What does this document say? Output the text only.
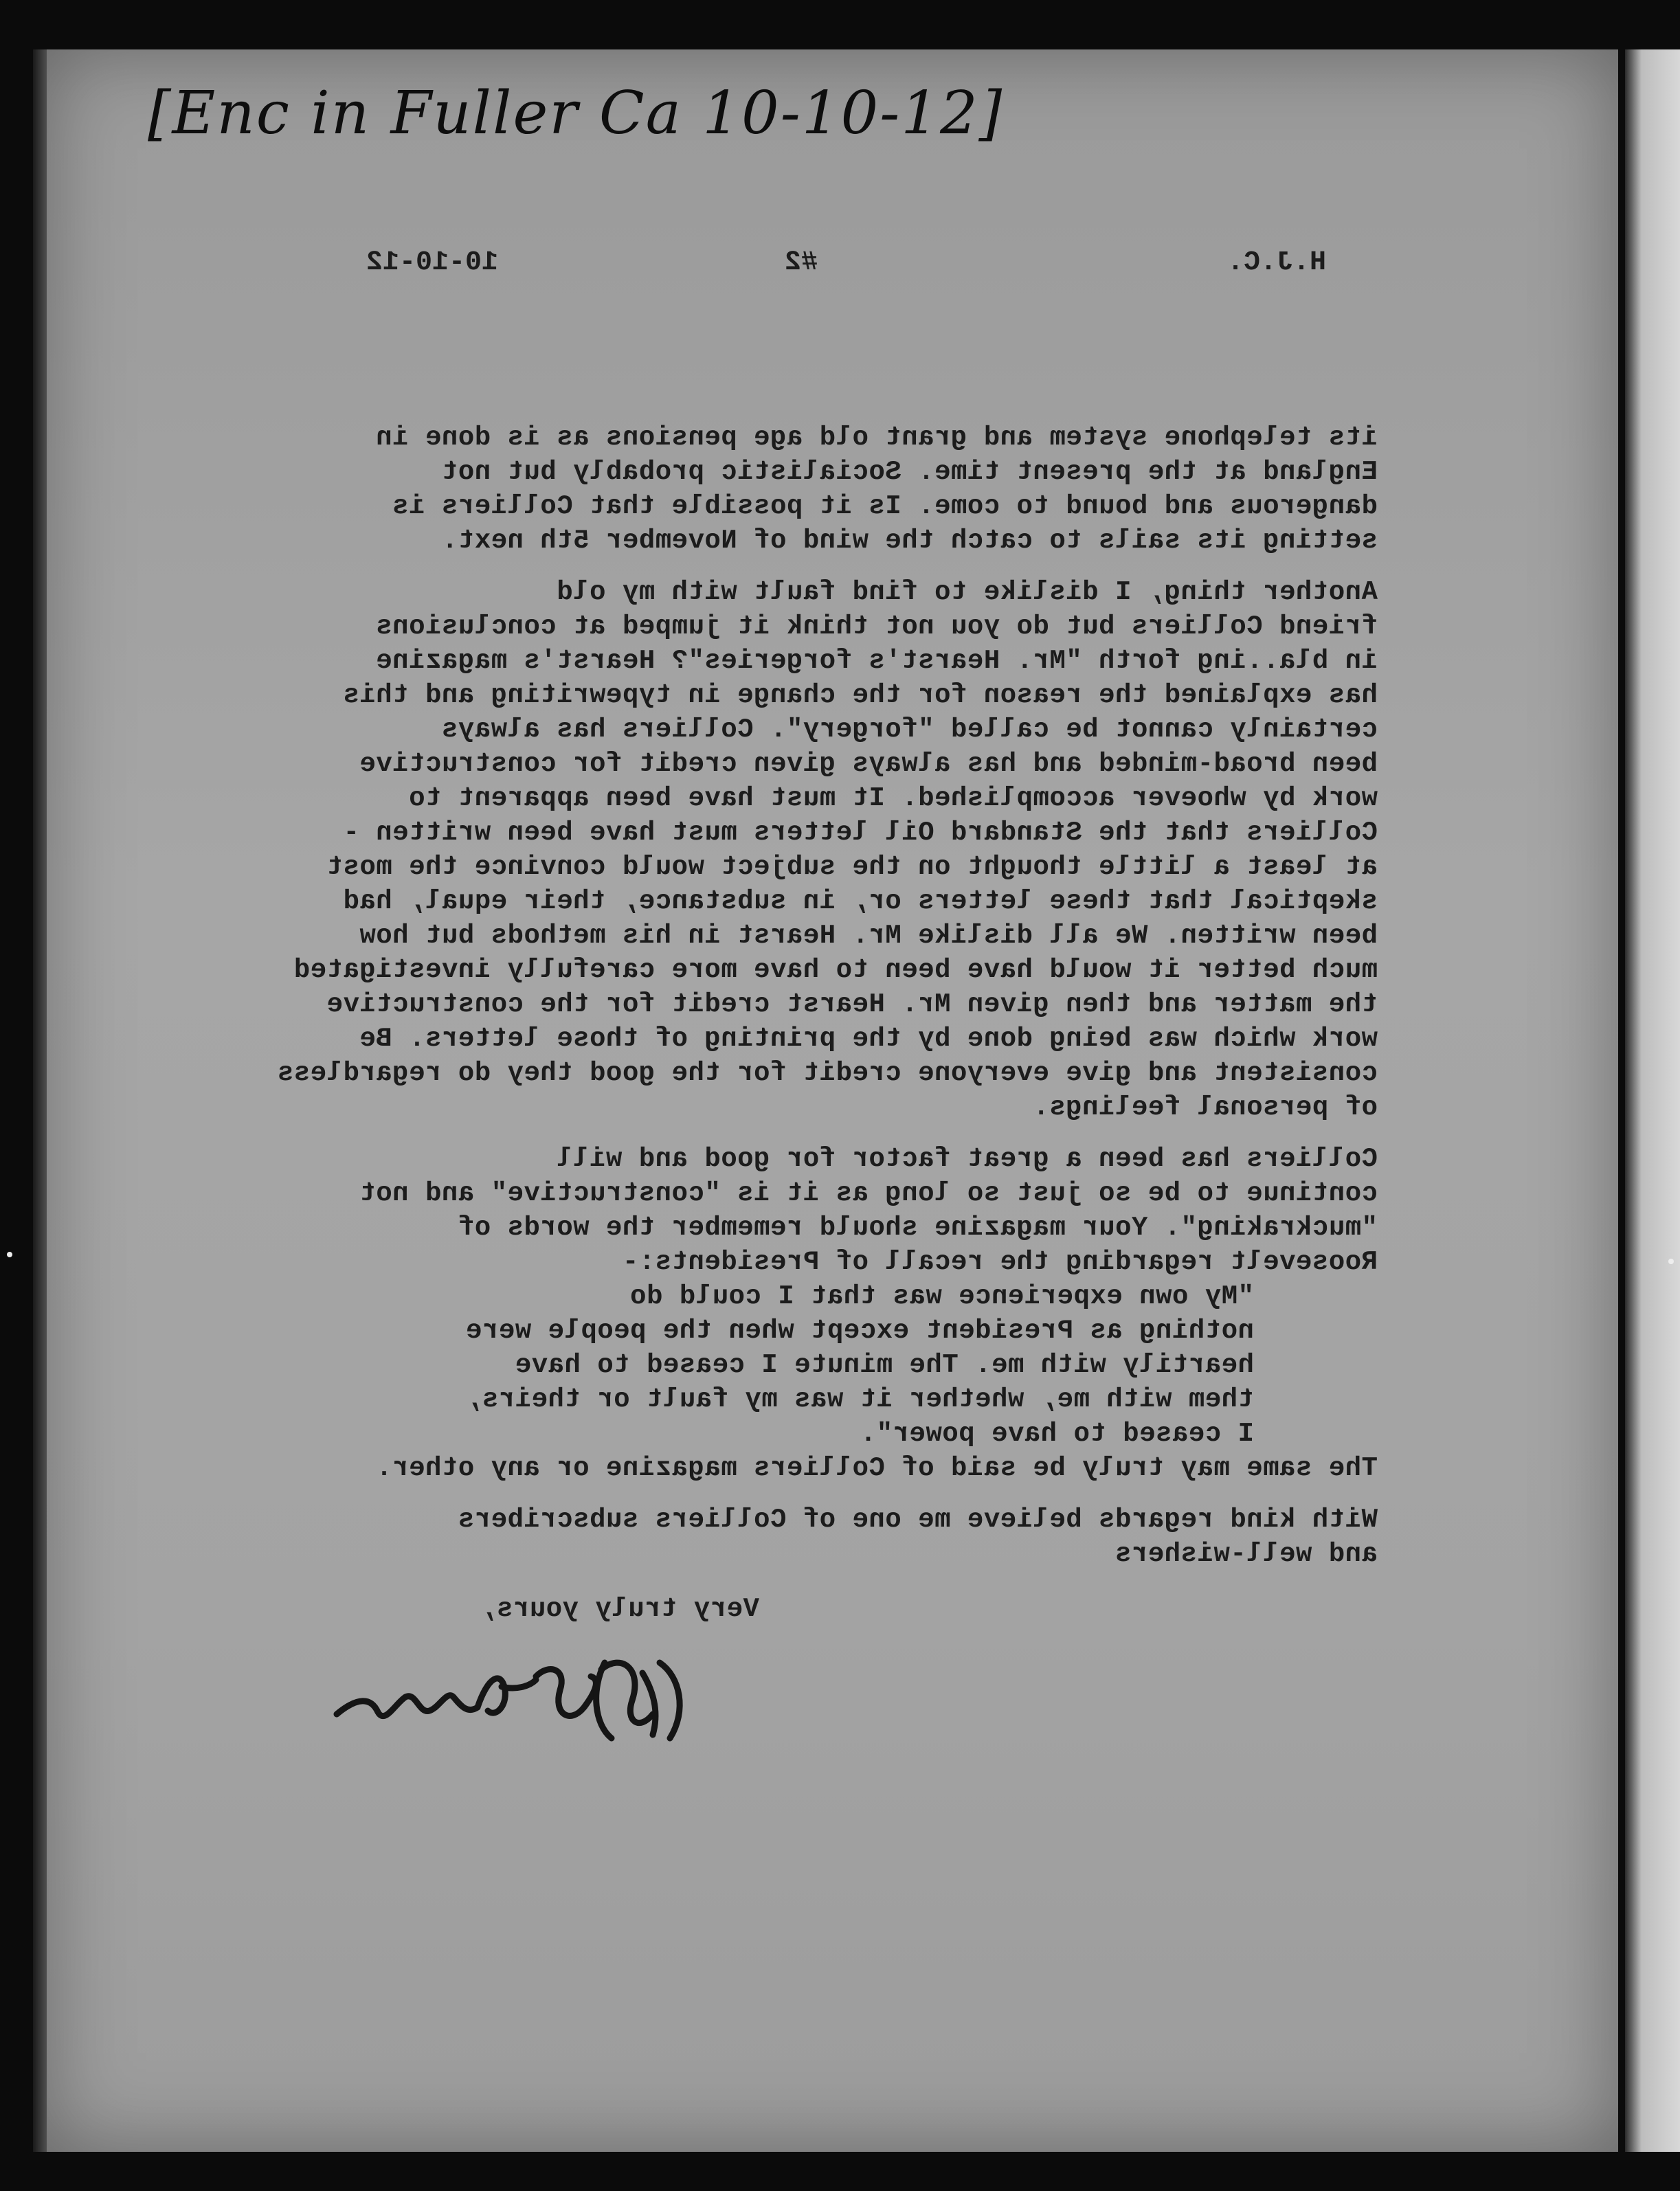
[Enc in Fuller Ca 10-10-12]
H.J.C.
#2
10-10-12
its telephone system and grant old age pensions as is done in
England at the present time. Socialistic probably but not
dangerous and bound to come. Is it possible that Colliers is
setting its sails to catch the wind of November 5th next.
Another thing, I dislike to find fault with my old
friend Colliers but do you not think it jumped at conclusions
in bla..ing forth "Mr. Hearst's forgeries"? Hearst's magazine
has explained the reason for the change in typewriting and this
certainly cannot be called "forgery". Colliers has always
been broad-minded and has always given credit for constructive
work by whoever accomplished. It must have been apparent to
Colliers that the Standard Oil letters must have been written -
at least a little thought on the subject would convince the most
skeptical that these letters or, in substance, their equal, had
been written. We all dislike Mr. Hearst in his methods but how
much better it would have been to have more carefully investigated
the matter and then given Mr. Hearst credit for the constructive
work which was being done by the printing of those letters. Be
consistent and give everyone credit for the good they do regardless
of personal feelings.
Colliers has been a great factor for good and will
continue to be so just so long as it is "constructive" and not
"muckraking". Your magazine should remember the words of
Roosevelt regarding the recall of Presidents:-
"My own experience was that I could do
nothing as President except when the people were
heartily with me. The minute I ceased to have
them with me, whether it was my fault or theirs,
I ceased to have power".
The same may truly be said of Colliers magazine or any other.
With kind regards believe me one of Colliers subscribers
and well-wishers
Very truly yours,
